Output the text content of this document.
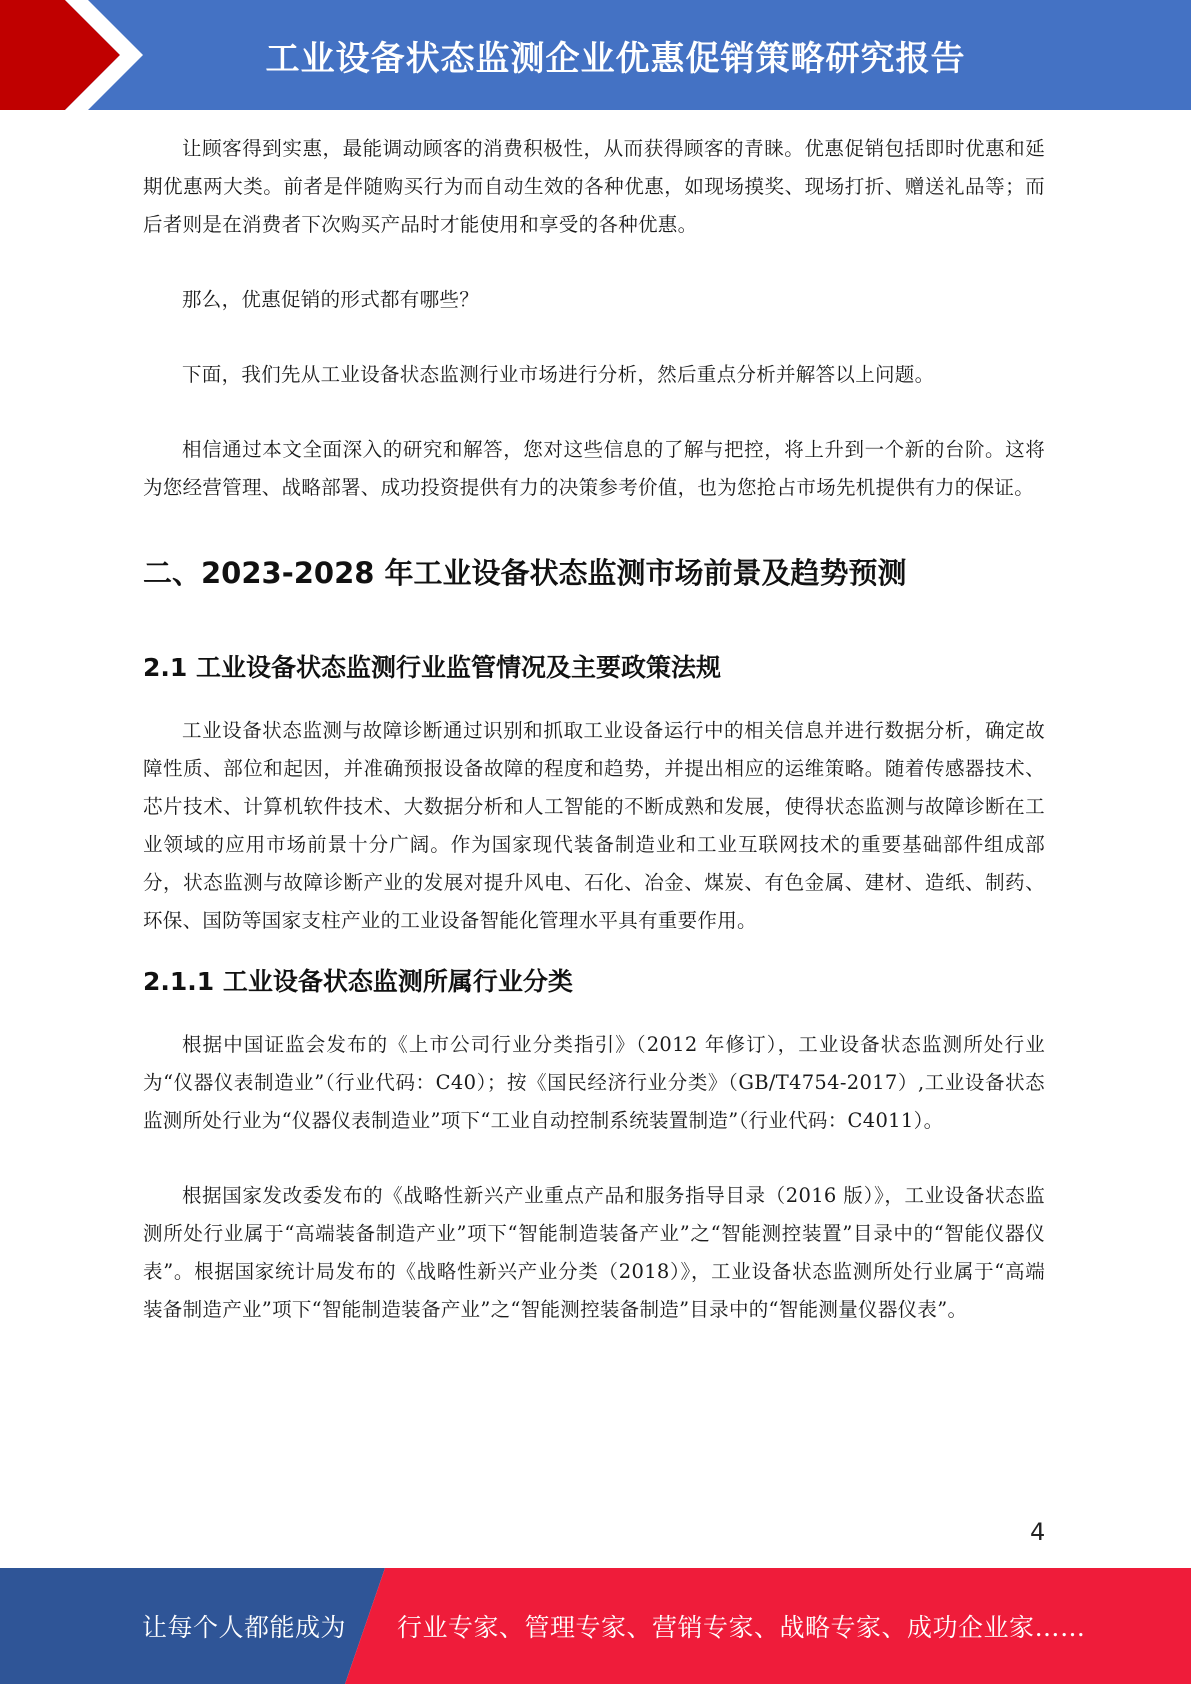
工业设备状态监测企业优惠促销策略研究报告

让顾客得到实惠，最能调动顾客的消费积极性，从而获得顾客的青睐。优惠促销包括即时优惠和延期优惠两大类。前者是伴随购买行为而自动生效的各种优惠，如现场摸奖、现场打折、赠送礼品等；而后者则是在消费者下次购买产品时才能使用和享受的各种优惠。

那么，优惠促销的形式都有哪些？

下面，我们先从工业设备状态监测行业市场进行分析，然后重点分析并解答以上问题。

相信通过本文全面深入的研究和解答，您对这些信息的了解与把控，将上升到一个新的台阶。这将为您经营管理、战略部署、成功投资提供有力的决策参考价值，也为您抢占市场先机提供有力的保证。

二、2023-2028 年工业设备状态监测市场前景及趋势预测
2.1 工业设备状态监测行业监管情况及主要政策法规

工业设备状态监测与故障诊断通过识别和抓取工业设备运行中的相关信息并进行数据分析，确定故障性质、部位和起因，并准确预报设备故障的程度和趋势，并提出相应的运维策略。随着传感器技术、芯片技术、计算机软件技术、大数据分析和人工智能的不断成熟和发展，使得状态监测与故障诊断在工业领域的应用市场前景十分广阔。作为国家现代装备制造业和工业互联网技术的重要基础部件组成部分，状态监测与故障诊断产业的发展对提升风电、石化、冶金、煤炭、有色金属、建材、造纸、制药、环保、国防等国家支柱产业的工业设备智能化管理水平具有重要作用。

2.1.1 工业设备状态监测所属行业分类

根据中国证监会发布的《上市公司行业分类指引》（2012 年修订），工业设备状态监测所处行业为“仪器仪表制造业”（行业代码：C40）；按《国民经济行业分类》（GB/T4754-2017）,工业设备状态监测所处行业为“仪器仪表制造业”项下“工业自动控制系统装置制造”（行业代码：C4011）。

根据国家发改委发布的《战略性新兴产业重点产品和服务指导目录（2016 版）》，工业设备状态监测所处行业属于“高端装备制造产业”项下“智能制造装备产业”之“智能测控装置”目录中的“智能仪器仪表”。根据国家统计局发布的《战略性新兴产业分类（2018）》，工业设备状态监测所处行业属于“高端装备制造产业”项下“智能制造装备产业”之“智能测控装备制造”目录中的“智能测量仪器仪表”。

4
让每个人都能成为 行业专家、管理专家、营销专家、战略专家、成功企业家……
